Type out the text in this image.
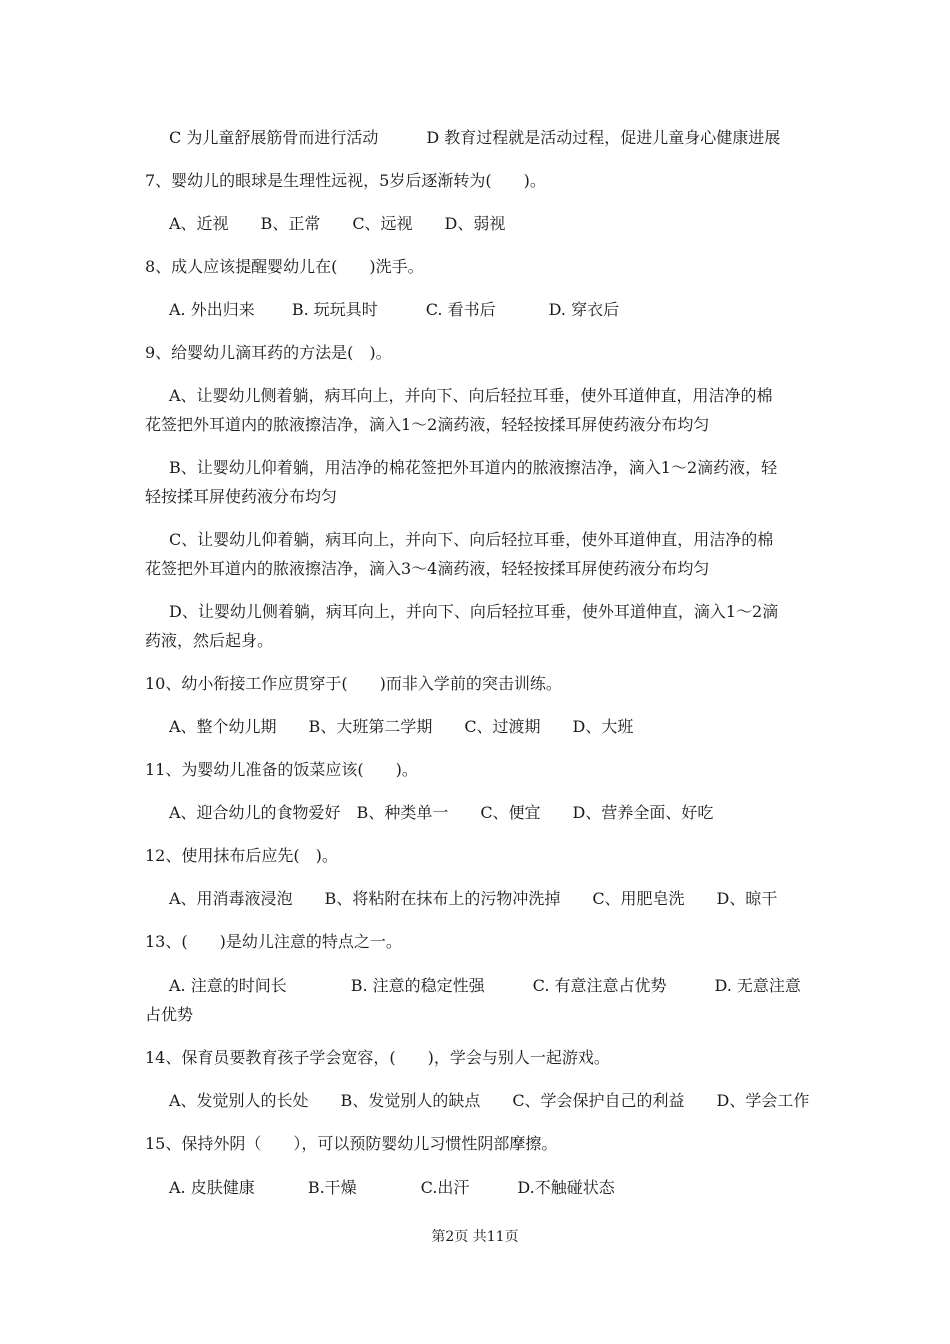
C 为儿童舒展筋骨而进行活动　　　D 教育过程就是活动过程，促进儿童身心健康进展

7、婴幼儿的眼球是生理性远视，5岁后逐渐转为(　　)。

A、近视　　B、正常　　C、远视　　D、弱视

8、成人应该提醒婴幼儿在(　　)洗手。

A. 外出归来　　 B. 玩玩具时　　　C. 看书后　　　 D. 穿衣后

9、给婴幼儿滴耳药的方法是(　)。

A、让婴幼儿侧着躺，病耳向上，并向下、向后轻拉耳垂，使外耳道伸直，用洁净的棉

花签把外耳道内的脓液擦洁净，滴入1～2滴药液，轻轻按揉耳屏使药液分布均匀

B、让婴幼儿仰着躺，用洁净的棉花签把外耳道内的脓液擦洁净，滴入1～2滴药液，轻

轻按揉耳屏使药液分布均匀

C、让婴幼儿仰着躺，病耳向上，并向下、向后轻拉耳垂，使外耳道伸直，用洁净的棉

花签把外耳道内的脓液擦洁净，滴入3～4滴药液，轻轻按揉耳屏使药液分布均匀

D、让婴幼儿侧着躺，病耳向上，并向下、向后轻拉耳垂，使外耳道伸直，滴入1～2滴

药液，然后起身。

10、幼小衔接工作应贯穿于(　　)而非入学前的突击训练。

A、整个幼儿期　　B、大班第二学期　　C、过渡期　　D、大班

11、为婴幼儿准备的饭菜应该(　　)。

A、迎合幼儿的食物爱好　B、种类单一　　C、便宜　　D、营养全面、好吃

12、使用抹布后应先(　)。

A、用消毒液浸泡　　B、将粘附在抹布上的污物冲洗掉　　C、用肥皂洗　　D、晾干

13、(　　)是幼儿注意的特点之一。

A. 注意的时间长　　　　B. 注意的稳定性强　　　C. 有意注意占优势　　　D. 无意注意

占优势

14、保育员要教育孩子学会宽容，(　　)，学会与别人一起游戏。

A、发觉别人的长处　　B、发觉别人的缺点　　C、学会保护自己的利益　　D、学会工作

15、保持外阴（　　），可以预防婴幼儿习惯性阴部摩擦。

A. 皮肤健康　　　 B.干燥　　　　C.出汗　　　D.不触碰状态

第2页 共11页
